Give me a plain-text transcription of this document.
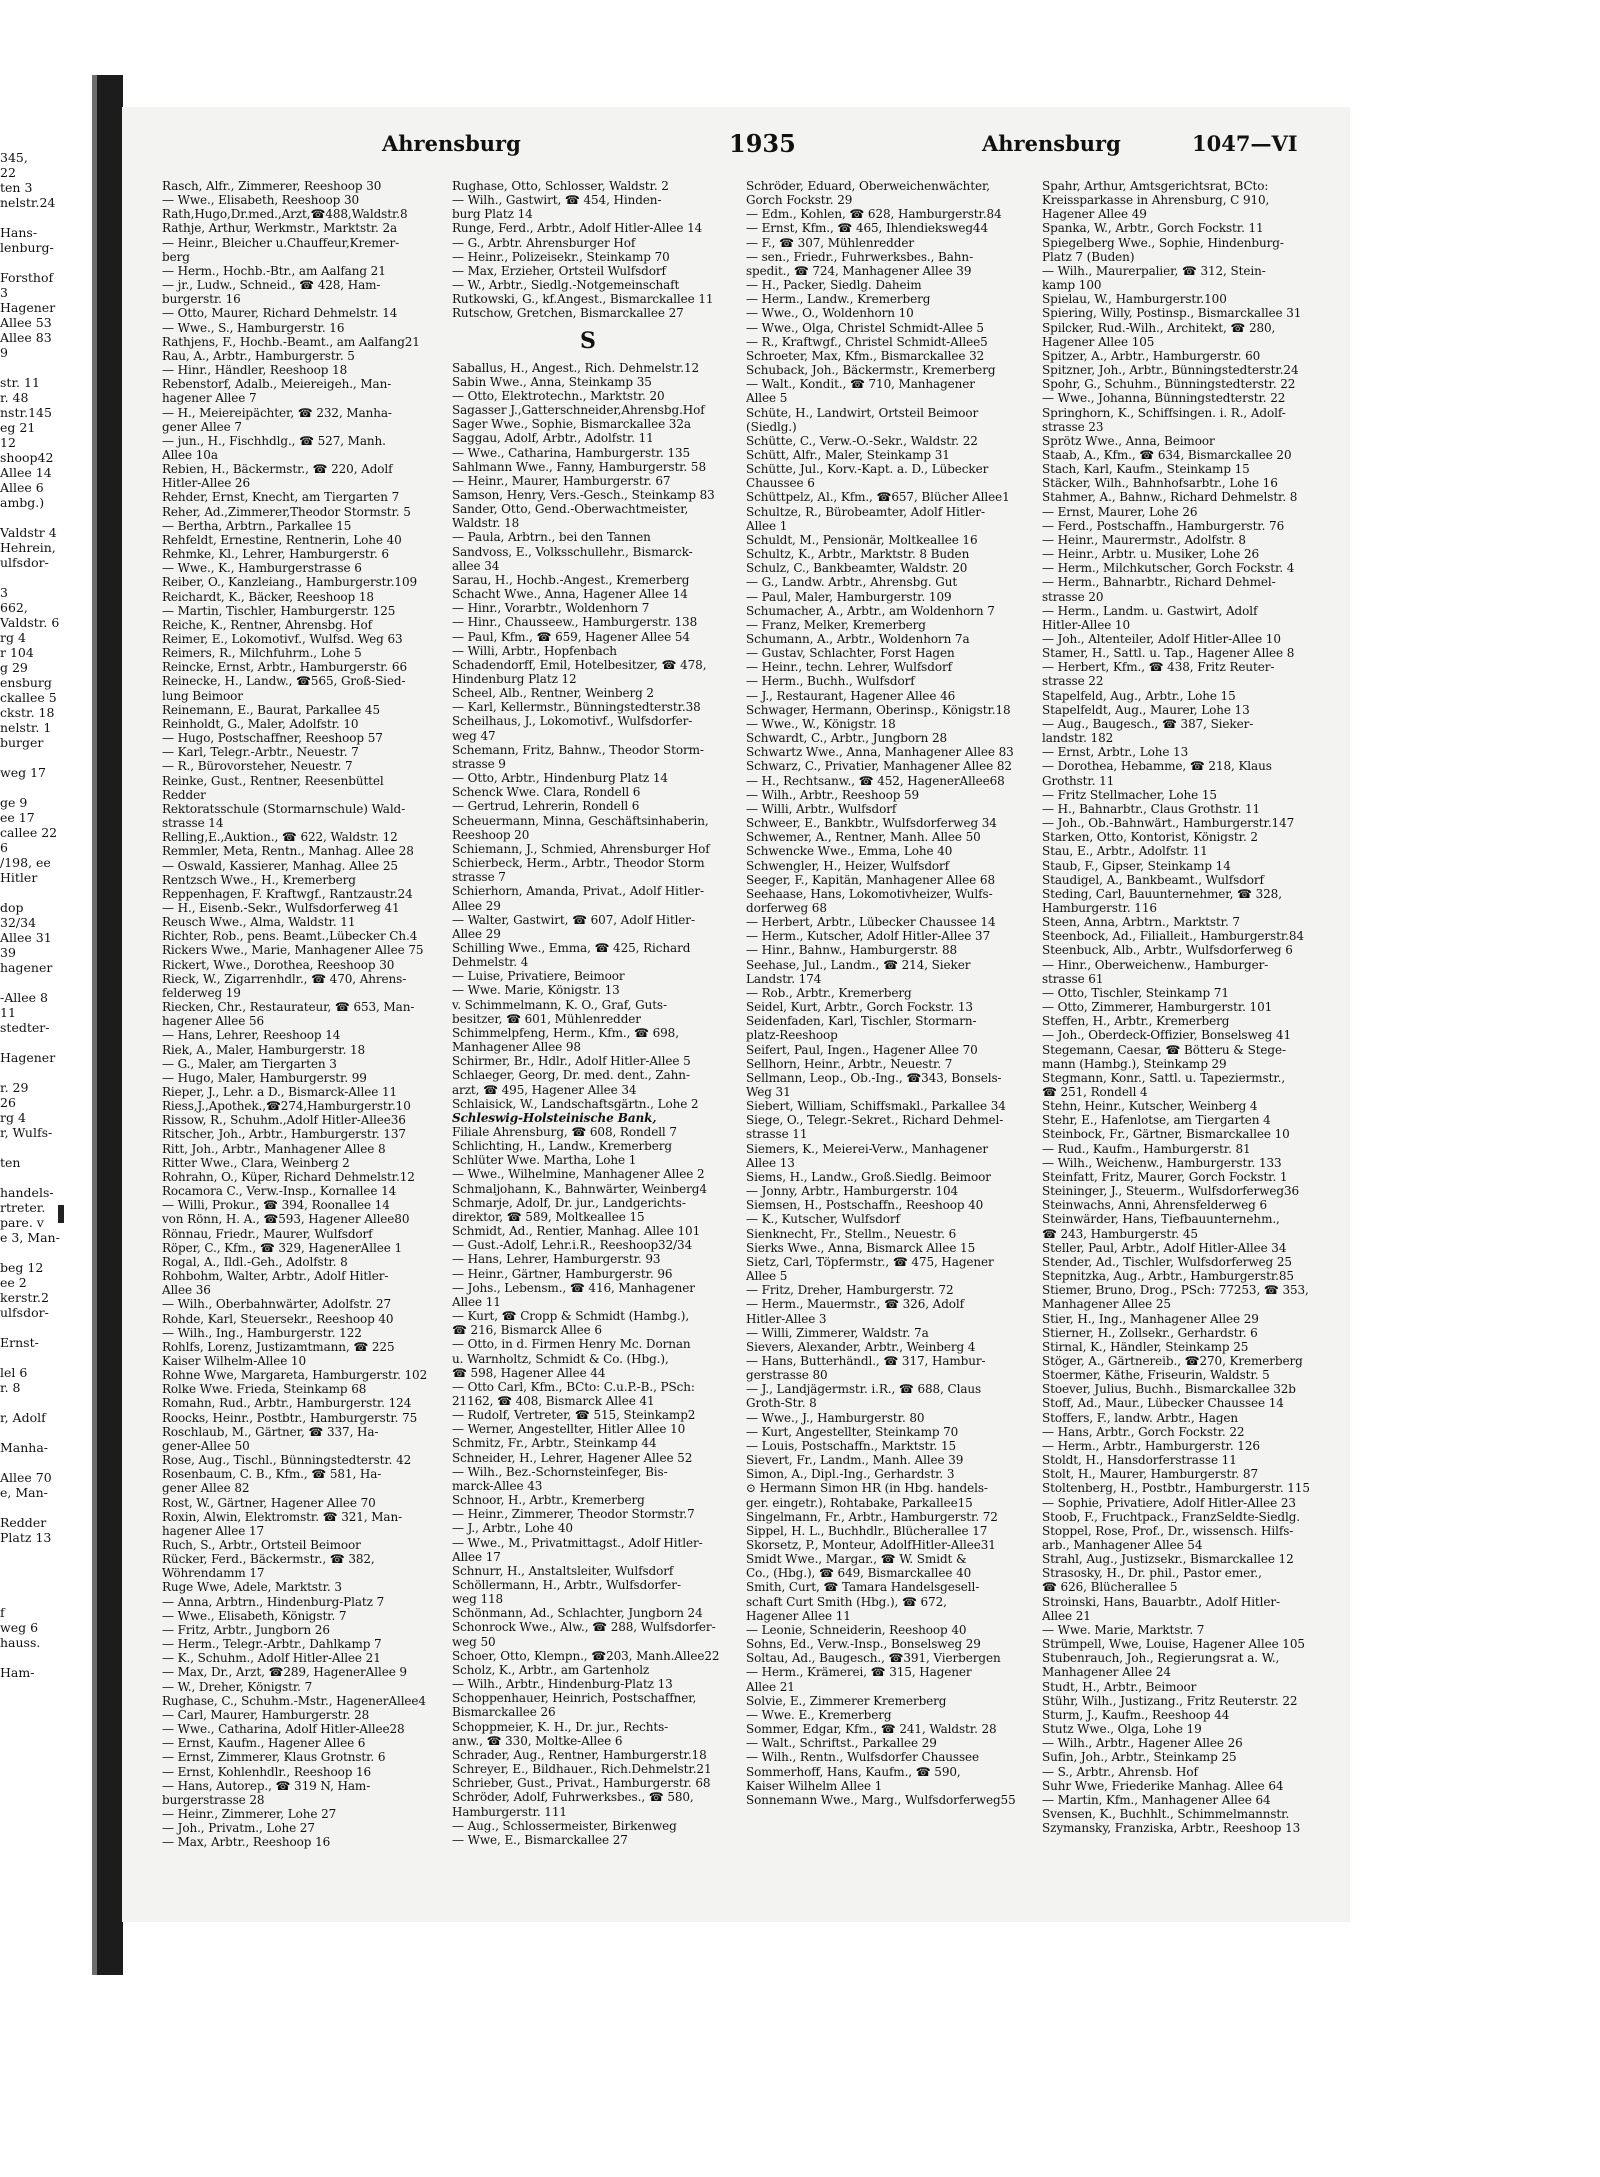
345,
22
ten 3
nelstr.24

Hans-
lenburg-

Forsthof
3
Hagener
Allee 53
Allee 83
9

str. 11
r. 48
nstr.145
eg 21
12
shoop42
Allee 14
Allee 6
ambg.)

Valdstr 4
Hehrein,
ulfsdor-

3
662,
Valdstr. 6
rg 4
r 104
g 29
ensburg
ckallee 5
ckstr. 18
nelstr. 1
burger

weg 17

ge 9
ee 17
callee 22
6
/198, ee
Hitler

dop
32/34
Allee 31
39
hagener

-Allee 8
11
stedter-

Hagener

r. 29
26
rg 4
r, Wulfs-

ten

handels-
rtreter.
pare. v
e 3, Man-

beg 12
ee 2
kerstr.2
ulfsdor-

Ernst-

lel 6
r. 8

r, Adolf

Manha-

Allee 70
e, Man-

Redder
Platz 13

f
weg 6
hauss.

Ham-
Ahrensburg	1935	Ahrensburg	1047—VI
Rasch, Alfr., Zimmerer, Reeshoop 30
— Wwe., Elisabeth, Reeshoop 30
Rath,Hugo,Dr.med.,Arzt,☎488,Waldstr.8
Rathje, Arthur, Werkmstr., Marktstr. 2a
— Heinr., Bleicher u.Chauffeur,Kremer-
berg
— Herm., Hochb.-Btr., am Aalfang 21
— jr., Ludw., Schneid., ☎ 428, Ham-
burgerstr. 16
— Otto, Maurer, Richard Dehmelstr. 14
— Wwe., S., Hamburgerstr. 16
Rathjens, F., Hochb.-Beamt., am Aalfang21
Rau, A., Arbtr., Hamburgerstr. 5
— Hinr., Händler, Reeshoop 18
Rebenstorf, Adalb., Meiereigeh., Man-
hagener Allee 7
— H., Meiereipächter, ☎ 232, Manha-
gener Allee 7
— jun., H., Fischhdlg., ☎ 527, Manh.
Allee 10a
Rebien, H., Bäckermstr., ☎ 220, Adolf
Hitler-Allee 26
Rehder, Ernst, Knecht, am Tiergarten 7
Reher, Ad.,Zimmerer,Theodor Stormstr. 5
— Bertha, Arbtrn., Parkallee 15
Rehfeldt, Ernestine, Rentnerin, Lohe 40
Rehmke, Kl., Lehrer, Hamburgerstr. 6
— Wwe., K., Hamburgerstrasse 6
Reiber, O., Kanzleiang., Hamburgerstr.109
Reichardt, K., Bäcker, Reeshoop 18
— Martin, Tischler, Hamburgerstr. 125
Reiche, K., Rentner, Ahrensbg. Hof
Reimer, E., Lokomotivf., Wulfsd. Weg 63
Reimers, R., Milchfuhrm., Lohe 5
Reincke, Ernst, Arbtr., Hamburgerstr. 66
Reinecke, H., Landw., ☎565, Groß-Sied-
lung Beimoor
Reinemann, E., Baurat, Parkallee 45
Reinholdt, G., Maler, Adolfstr. 10
— Hugo, Postschaffner, Reeshoop 57
— Karl, Telegr.-Arbtr., Neuestr. 7
— R., Bürovorsteher, Neuestr. 7
Reinke, Gust., Rentner, Reesenbüttel
Redder
Rektoratsschule (Stormarnschule) Wald-
strasse 14
Relling,E.,Auktion., ☎ 622, Waldstr. 12
Remmler, Meta, Rentn., Manhag. Allee 28
— Oswald, Kassierer, Manhag. Allee 25
Rentzsch Wwe., H., Kremerberg
Reppenhagen, F. Kraftwgf., Rantzaustr.24
— H., Eisenb.-Sekr., Wulfsdorferweg 41
Reusch Wwe., Alma, Waldstr. 11
Richter, Rob., pens. Beamt.,Lübecker Ch.4
Rickers Wwe., Marie, Manhagener Allee 75
Rickert, Wwe., Dorothea, Reeshoop 30
Rieck, W., Zigarrenhdlr., ☎ 470, Ahrens-
felderweg 19
Riecken, Chr., Restaurateur, ☎ 653, Man-
hagener Allee 56
— Hans, Lehrer, Reeshoop 14
Riek, A., Maler, Hamburgerstr. 18
— G., Maler, am Tiergarten 3
— Hugo, Maler, Hamburgerstr. 99
Rieper, J., Lehr. a D., Bismarck-Allee 11
Riess,J.,Apothek.,☎274,Hamburgerstr.10
Rissow, R., Schuhm.,Adolf Hitler-Allee36
Ritscher, Joh., Arbtr., Hamburgerstr. 137
Ritt, Joh., Arbtr., Manhagener Allee 8
Ritter Wwe., Clara, Weinberg 2
Rohrahn, O., Küper, Richard Dehmelstr.12
Rocamora C., Verw.-Insp., Kornallee 14
— Willi, Prokur., ☎ 394, Roonallee 14
von Rönn, H. A., ☎593, Hagener Allee80
Rönnau, Friedr., Maurer, Wulfsdorf
Röper, C., Kfm., ☎ 329, HagenerAllee 1
Rogal, A., Ildl.-Geh., Adolfstr. 8
Rohbohm, Walter, Arbtr., Adolf Hitler-
Allee 36
— Wilh., Oberbahnwärter, Adolfstr. 27
Rohde, Karl, Steuersekr., Reeshoop 40
— Wilh., Ing., Hamburgerstr. 122
Rohlfs, Lorenz, Justizamtmann, ☎ 225
Kaiser Wilhelm-Allee 10
Rohne Wwe, Margareta, Hamburgerstr. 102
Rolke Wwe. Frieda, Steinkamp 68
Romahn, Rud., Arbtr., Hamburgerstr. 124
Roocks, Heinr., Postbtr., Hamburgerstr. 75
Roschlaub, M., Gärtner, ☎ 337, Ha-
gener-Allee 50
Rose, Aug., Tischl., Bünningstedterstr. 42
Rosenbaum, C. B., Kfm., ☎ 581, Ha-
gener Allee 82
Rost, W., Gärtner, Hagener Allee 70
Roxin, Alwin, Elektromstr. ☎ 321, Man-
hagener Allee 17
Ruch, S., Arbtr., Ortsteil Beimoor
Rücker, Ferd., Bäckermstr., ☎ 382,
Wöhrendamm 17
Ruge Wwe, Adele, Marktstr. 3
— Anna, Arbtrn., Hindenburg-Platz 7
— Wwe., Elisabeth, Königstr. 7
— Fritz, Arbtr., Jungborn 26
— Herm., Telegr.-Arbtr., Dahlkamp 7
— K., Schuhm., Adolf Hitler-Allee 21
— Max, Dr., Arzt, ☎289, HagenerAllee 9
— W., Dreher, Königstr. 7
Rughase, C., Schuhm.-Mstr., HagenerAllee4
— Carl, Maurer, Hamburgerstr. 28
— Wwe., Catharina, Adolf Hitler-Allee28
— Ernst, Kaufm., Hagener Allee 6
— Ernst, Zimmerer, Klaus Grotnstr. 6
— Ernst, Kohlenhdlr., Reeshoop 16
— Hans, Autorep., ☎ 319 N, Ham-
burgerstrasse 28
— Heinr., Zimmerer, Lohe 27
— Joh., Privatm., Lohe 27
— Max, Arbtr., Reeshoop 16
Rughase, Otto, Schlosser, Waldstr. 2
— Wilh., Gastwirt, ☎ 454, Hinden-
burg Platz 14
Runge, Ferd., Arbtr., Adolf Hitler-Allee 14
— G., Arbtr. Ahrensburger Hof
— Heinr., Polizeisekr., Steinkamp 70
— Max, Erzieher, Ortsteil Wulfsdorf
— W., Arbtr., Siedlg.-Notgemeinschaft
Rutkowski, G., kf.Angest., Bismarckallee 11
Rutschow, Gretchen, Bismarckallee 27
S
Saballus, H., Angest., Rich. Dehmelstr.12
Sabin Wwe., Anna, Steinkamp 35
— Otto, Elektrotechn., Marktstr. 20
Sagasser J.,Gatterschneider,Ahrensbg.Hof
Sager Wwe., Sophie, Bismarckallee 32a
Saggau, Adolf, Arbtr., Adolfstr. 11
— Wwe., Catharina, Hamburgerstr. 135
Sahlmann Wwe., Fanny, Hamburgerstr. 58
— Heinr., Maurer, Hamburgerstr. 67
Samson, Henry, Vers.-Gesch., Steinkamp 83
Sander, Otto, Gend.-Oberwachtmeister,
Waldstr. 18
— Paula, Arbtrn., bei den Tannen
Sandvoss, E., Volksschullehr., Bismarck-
allee 34
Sarau, H., Hochb.-Angest., Kremerberg
Schacht Wwe., Anna, Hagener Allee 14
— Hinr., Vorarbtr., Woldenhorn 7
— Hinr., Chausseew., Hamburgerstr. 138
— Paul, Kfm., ☎ 659, Hagener Allee 54
— Willi, Arbtr., Hopfenbach
Schadendorff, Emil, Hotelbesitzer, ☎ 478,
Hindenburg Platz 12
Scheel, Alb., Rentner, Weinberg 2
— Karl, Kellermstr., Bünningstedterstr.38
Scheilhaus, J., Lokomotivf., Wulfsdorfer-
weg 47
Schemann, Fritz, Bahnw., Theodor Storm-
strasse 9
— Otto, Arbtr., Hindenburg Platz 14
Schenck Wwe. Clara, Rondell 6
— Gertrud, Lehrerin, Rondell 6
Scheuermann, Minna, Geschäftsinhaberin,
Reeshoop 20
Schiemann, J., Schmied, Ahrensburger Hof
Schierbeck, Herm., Arbtr., Theodor Storm
strasse 7
Schierhorn, Amanda, Privat., Adolf Hitler-
Allee 29
— Walter, Gastwirt, ☎ 607, Adolf Hitler-
Allee 29
Schilling Wwe., Emma, ☎ 425, Richard
Dehmelstr. 4
— Luise, Privatiere, Beimoor
— Wwe. Marie, Königstr. 13
v. Schimmelmann, K. O., Graf, Guts-
besitzer, ☎ 601, Mühlenredder
Schimmelpfeng, Herm., Kfm., ☎ 698,
Manhagener Allee 98
Schirmer, Br., Hdlr., Adolf Hitler-Allee 5
Schlaeger, Georg, Dr. med. dent., Zahn-
arzt, ☎ 495, Hagener Allee 34
Schlaisick, W., Landschaftsgärtn., Lohe 2
Schleswig-Holsteinische Bank,
Filiale Ahrensburg, ☎ 608, Rondell 7
Schlichting, H., Landw., Kremerberg
Schlüter Wwe. Martha, Lohe 1
— Wwe., Wilhelmine, Manhagener Allee 2
Schmaljohann, K., Bahnwärter, Weinberg4
Schmarje, Adolf, Dr. jur., Landgerichts-
direktor, ☎ 589, Moltkeallee 15
Schmidt, Ad., Rentier, Manhag. Allee 101
— Gust.-Adolf, Lehr.i.R., Reeshoop32/34
— Hans, Lehrer, Hamburgerstr. 93
— Heinr., Gärtner, Hamburgerstr. 96
— Johs., Lebensm., ☎ 416, Manhagener
Allee 11
— Kurt, ☎ Cropp & Schmidt (Hambg.),
☎ 216, Bismarck Allee 6
— Otto, in d. Firmen Henry Mc. Dornan
u. Warnholtz, Schmidt & Co. (Hbg.),
☎ 598, Hagener Allee 44
— Otto Carl, Kfm., BCto: C.u.P.-B., PSch:
21162, ☎ 408, Bismarck Allee 41
— Rudolf, Vertreter, ☎ 515, Steinkamp2
— Werner, Angestellter, Hitler Allee 10
Schmitz, Fr., Arbtr., Steinkamp 44
Schneider, H., Lehrer, Hagener Allee 52
— Wilh., Bez.-Schornsteinfeger, Bis-
marck-Allee 43
Schnoor, H., Arbtr., Kremerberg
— Heinr., Zimmerer, Theodor Stormstr.7
— J., Arbtr., Lohe 40
— Wwe., M., Privatmittagst., Adolf Hitler-
Allee 17
Schnurr, H., Anstaltsleiter, Wulfsdorf
Schöllermann, H., Arbtr., Wulfsdorfer-
weg 118
Schönmann, Ad., Schlachter, Jungborn 24
Schonrock Wwe., Alw., ☎ 288, Wulfsdorfer-
weg 50
Schoer, Otto, Klempn., ☎203, Manh.Allee22
Scholz, K., Arbtr., am Gartenholz
— Wilh., Arbtr., Hindenburg-Platz 13
Schoppenhauer, Heinrich, Postschaffner,
Bismarckallee 26
Schoppmeier, K. H., Dr. jur., Rechts-
anw., ☎ 330, Moltke-Allee 6
Schrader, Aug., Rentner, Hamburgerstr.18
Schreyer, E., Bildhauer., Rich.Dehmelstr.21
Schrieber, Gust., Privat., Hamburgerstr. 68
Schröder, Adolf, Fuhrwerksbes., ☎ 580,
Hamburgerstr. 111
— Aug., Schlossermeister, Birkenweg
— Wwe, E., Bismarckallee 27
Schröder, Eduard, Oberweichenwächter,
Gorch Fockstr. 29
— Edm., Kohlen, ☎ 628, Hamburgerstr.84
— Ernst, Kfm., ☎ 465, Ihlendieksweg44
— F., ☎ 307, Mühlenredder
— sen., Friedr., Fuhrwerksbes., Bahn-
spedit., ☎ 724, Manhagener Allee 39
— H., Packer, Siedlg. Daheim
— Herm., Landw., Kremerberg
— Wwe., O., Woldenhorn 10
— Wwe., Olga, Christel Schmidt-Allee 5
— R., Kraftwgf., Christel Schmidt-Allee5
Schroeter, Max, Kfm., Bismarckallee 32
Schuback, Joh., Bäckermstr., Kremerberg
— Walt., Kondit., ☎ 710, Manhagener
Allee 5
Schüte, H., Landwirt, Ortsteil Beimoor
(Siedlg.)
Schütte, C., Verw.-O.-Sekr., Waldstr. 22
Schütt, Alfr., Maler, Steinkamp 31
Schütte, Jul., Korv.-Kapt. a. D., Lübecker
Chaussee 6
Schüttpelz, Al., Kfm., ☎657, Blücher Allee1
Schultze, R., Bürobeamter, Adolf Hitler-
Allee 1
Schuldt, M., Pensionär, Moltkeallee 16
Schultz, K., Arbtr., Marktstr. 8 Buden
Schulz, C., Bankbeamter, Waldstr. 20
— G., Landw. Arbtr., Ahrensbg. Gut
— Paul, Maler, Hamburgerstr. 109
Schumacher, A., Arbtr., am Woldenhorn 7
— Franz, Melker, Kremerberg
Schumann, A., Arbtr., Woldenhorn 7a
— Gustav, Schlachter, Forst Hagen
— Heinr., techn. Lehrer, Wulfsdorf
— Herm., Buchh., Wulfsdorf
— J., Restaurant, Hagener Allee 46
Schwager, Hermann, Oberinsp., Königstr.18
— Wwe., W., Königstr. 18
Schwardt, C., Arbtr., Jungborn 28
Schwartz Wwe., Anna, Manhagener Allee 83
Schwarz, C., Privatier, Manhagener Allee 82
— H., Rechtsanw., ☎ 452, HagenerAllee68
— Wilh., Arbtr., Reeshoop 59
— Willi, Arbtr., Wulfsdorf
Schweer, E., Bankbtr., Wulfsdorferweg 34
Schwemer, A., Rentner, Manh. Allee 50
Schwencke Wwe., Emma, Lohe 40
Schwengler, H., Heizer, Wulfsdorf
Seeger, F., Kapitän, Manhagener Allee 68
Seehaase, Hans, Lokomotivheizer, Wulfs-
dorferweg 68
— Herbert, Arbtr., Lübecker Chaussee 14
— Herm., Kutscher, Adolf Hitler-Allee 37
— Hinr., Bahnw., Hamburgerstr. 88
Seehase, Jul., Landm., ☎ 214, Sieker
Landstr. 174
— Rob., Arbtr., Kremerberg
Seidel, Kurt, Arbtr., Gorch Fockstr. 13
Seidenfaden, Karl, Tischler, Stormarn-
platz-Reeshoop
Seifert, Paul, Ingen., Hagener Allee 70
Sellhorn, Heinr., Arbtr., Neuestr. 7
Sellmann, Leop., Ob.-Ing., ☎343, Bonsels-
Weg 31
Siebert, William, Schiffsmakl., Parkallee 34
Siege, O., Telegr.-Sekret., Richard Dehmel-
strasse 11
Siemers, K., Meierei-Verw., Manhagener
Allee 13
Siems, H., Landw., Groß.Siedlg. Beimoor
— Jonny, Arbtr., Hamburgerstr. 104
Siemsen, H., Postschaffn., Reeshoop 40
— K., Kutscher, Wulfsdorf
Sienknecht, Fr., Stellm., Neuestr. 6
Sierks Wwe., Anna, Bismarck Allee 15
Sietz, Carl, Töpfermstr., ☎ 475, Hagener
Allee 5
— Fritz, Dreher, Hamburgerstr. 72
— Herm., Mauermstr., ☎ 326, Adolf
Hitler-Allee 3
— Willi, Zimmerer, Waldstr. 7a
Sievers, Alexander, Arbtr., Weinberg 4
— Hans, Butterhändl., ☎ 317, Hambur-
gerstrasse 80
— J., Landjägermstr. i.R., ☎ 688, Claus
Groth-Str. 8
— Wwe., J., Hamburgerstr. 80
— Kurt, Angestellter, Steinkamp 70
— Louis, Postschaffn., Marktstr. 15
Sievert, Fr., Landm., Manh. Allee 39
Simon, A., Dipl.-Ing., Gerhardstr. 3
⊙ Hermann Simon HR (in Hbg. handels-
ger. eingetr.), Rohtabake, Parkallee15
Singelmann, Fr., Arbtr., Hamburgerstr. 72
Sippel, H. L., Buchhdlr., Blücherallee 17
Skorsetz, P., Monteur, AdolfHitler-Allee31
Smidt Wwe., Margar., ☎ W. Smidt &
Co., (Hbg.), ☎ 649, Bismarckallee 40
Smith, Curt, ☎ Tamara Handelsgesell-
schaft Curt Smith (Hbg.), ☎ 672,
Hagener Allee 11
— Leonie, Schneiderin, Reeshoop 40
Sohns, Ed., Verw.-Insp., Bonselsweg 29
Soltau, Ad., Baugesch., ☎391, Vierbergen
— Herm., Krämerei, ☎ 315, Hagener
Allee 21
Solvie, E., Zimmerer Kremerberg
— Wwe. E., Kremerberg
Sommer, Edgar, Kfm., ☎ 241, Waldstr. 28
— Walt., Schriftst., Parkallee 29
— Wilh., Rentn., Wulfsdorfer Chaussee
Sommerhoff, Hans, Kaufm., ☎ 590,
Kaiser Wilhelm Allee 1
Sonnemann Wwe., Marg., Wulfsdorferweg55
Spahr, Arthur, Amtsgerichtsrat, BCto:
Kreissparkasse in Ahrensburg, C 910,
Hagener Allee 49
Spanka, W., Arbtr., Gorch Fockstr. 11
Spiegelberg Wwe., Sophie, Hindenburg-
Platz 7 (Buden)
— Wilh., Maurerpalier, ☎ 312, Stein-
kamp 100
Spielau, W., Hamburgerstr.100
Spiering, Willy, Postinsp., Bismarckallee 31
Spilcker, Rud.-Wilh., Architekt, ☎ 280,
Hagener Allee 105
Spitzer, A., Arbtr., Hamburgerstr. 60
Spitzner, Joh., Arbtr., Bünningstedterstr.24
Spohr, G., Schuhm., Bünningstedterstr. 22
— Wwe., Johanna, Bünningstedterstr. 22
Springhorn, K., Schiffsingen. i. R., Adolf-
strasse 23
Sprötz Wwe., Anna, Beimoor
Staab, A., Kfm., ☎ 634, Bismarckallee 20
Stach, Karl, Kaufm., Steinkamp 15
Stäcker, Wilh., Bahnhofsarbtr., Lohe 16
Stahmer, A., Bahnw., Richard Dehmelstr. 8
— Ernst, Maurer, Lohe 26
— Ferd., Postschaffn., Hamburgerstr. 76
— Heinr., Maurermstr., Adolfstr. 8
— Heinr., Arbtr. u. Musiker, Lohe 26
— Herm., Milchkutscher, Gorch Fockstr. 4
— Herm., Bahnarbtr., Richard Dehmel-
strasse 20
— Herm., Landm. u. Gastwirt, Adolf
Hitler-Allee 10
— Joh., Altenteiler, Adolf Hitler-Allee 10
Stamer, H., Sattl. u. Tap., Hagener Allee 8
— Herbert, Kfm., ☎ 438, Fritz Reuter-
strasse 22
Stapelfeld, Aug., Arbtr., Lohe 15
Stapelfeldt, Aug., Maurer, Lohe 13
— Aug., Baugesch., ☎ 387, Sieker-
landstr. 182
— Ernst, Arbtr., Lohe 13
— Dorothea, Hebamme, ☎ 218, Klaus
Grothstr. 11
— Fritz Stellmacher, Lohe 15
— H., Bahnarbtr., Claus Grothstr. 11
— Joh., Ob.-Bahnwärt., Hamburgerstr.147
Starken, Otto, Kontorist, Königstr. 2
Stau, E., Arbtr., Adolfstr. 11
Staub, F., Gipser, Steinkamp 14
Staudigel, A., Bankbeamt., Wulfsdorf
Steding, Carl, Bauunternehmer, ☎ 328,
Hamburgerstr. 116
Steen, Anna, Arbtrn., Marktstr. 7
Steenbock, Ad., Filialleit., Hamburgerstr.84
Steenbuck, Alb., Arbtr., Wulfsdorferweg 6
— Hinr., Oberweichenw., Hamburger-
strasse 61
— Otto, Tischler, Steinkamp 71
— Otto, Zimmerer, Hamburgerstr. 101
Steffen, H., Arbtr., Kremerberg
— Joh., Oberdeck-Offizier, Bonselsweg 41
Stegemann, Caesar, ☎ Bötteru & Stege-
mann (Hambg.), Steinkamp 29
Stegmann, Konr., Sattl. u. Tapeziermstr.,
☎ 251, Rondell 4
Stehn, Heinr., Kutscher, Weinberg 4
Stehr, E., Hafenlotse, am Tiergarten 4
Steinbock, Fr., Gärtner, Bismarckallee 10
— Rud., Kaufm., Hamburgerstr. 81
— Wilh., Weichenw., Hamburgerstr. 133
Steinfatt, Fritz, Maurer, Gorch Fockstr. 1
Steininger, J., Steuerm., Wulfsdorferweg36
Steinwachs, Anni, Ahrensfelderweg 6
Steinwärder, Hans, Tiefbauunternehm.,
☎ 243, Hamburgerstr. 45
Steller, Paul, Arbtr., Adolf Hitler-Allee 34
Stender, Ad., Tischler, Wulfsdorferweg 25
Stepnitzka, Aug., Arbtr., Hamburgerstr.85
Stiemer, Bruno, Drog., PSch: 77253, ☎ 353,
Manhagener Allee 25
Stier, H., Ing., Manhagener Allee 29
Stierner, H., Zollsekr., Gerhardstr. 6
Stirnal, K., Händler, Steinkamp 25
Stöger, A., Gärtnereib., ☎270, Kremerberg
Stoermer, Käthe, Friseurin, Waldstr. 5
Stoever, Julius, Buchh., Bismarckallee 32b
Stoff, Ad., Maur., Lübecker Chaussee 14
Stoffers, F., landw. Arbtr., Hagen
— Hans, Arbtr., Gorch Fockstr. 22
— Herm., Arbtr., Hamburgerstr. 126
Stoldt, H., Hansdorferstrasse 11
Stolt, H., Maurer, Hamburgerstr. 87
Stoltenberg, H., Postbtr., Hamburgerstr. 115
— Sophie, Privatiere, Adolf Hitler-Allee 23
Stoob, F., Fruchtpack., FranzSeldte-Siedlg.
Stoppel, Rose, Prof., Dr., wissensch. Hilfs-
arb., Manhagener Allee 54
Strahl, Aug., Justizsekr., Bismarckallee 12
Strasosky, H., Dr. phil., Pastor emer.,
☎ 626, Blücherallee 5
Stroinski, Hans, Bauarbtr., Adolf Hitler-
Allee 21
— Wwe. Marie, Marktstr. 7
Strümpell, Wwe, Louise, Hagener Allee 105
Stubenrauch, Joh., Regierungsrat a. W.,
Manhagener Allee 24
Studt, H., Arbtr., Beimoor
Stühr, Wilh., Justizang., Fritz Reuterstr. 22
Sturm, J., Kaufm., Reeshoop 44
Stutz Wwe., Olga, Lohe 19
— Wilh., Arbtr., Hagener Allee 26
Sufin, Joh., Arbtr., Steinkamp 25
— S., Arbtr., Ahrensb. Hof
Suhr Wwe, Friederike Manhag. Allee 64
— Martin, Kfm., Manhagener Allee 64
Svensen, K., Buchhlt., Schimmelmannstr.
Szymansky, Franziska, Arbtr., Reeshoop 13
